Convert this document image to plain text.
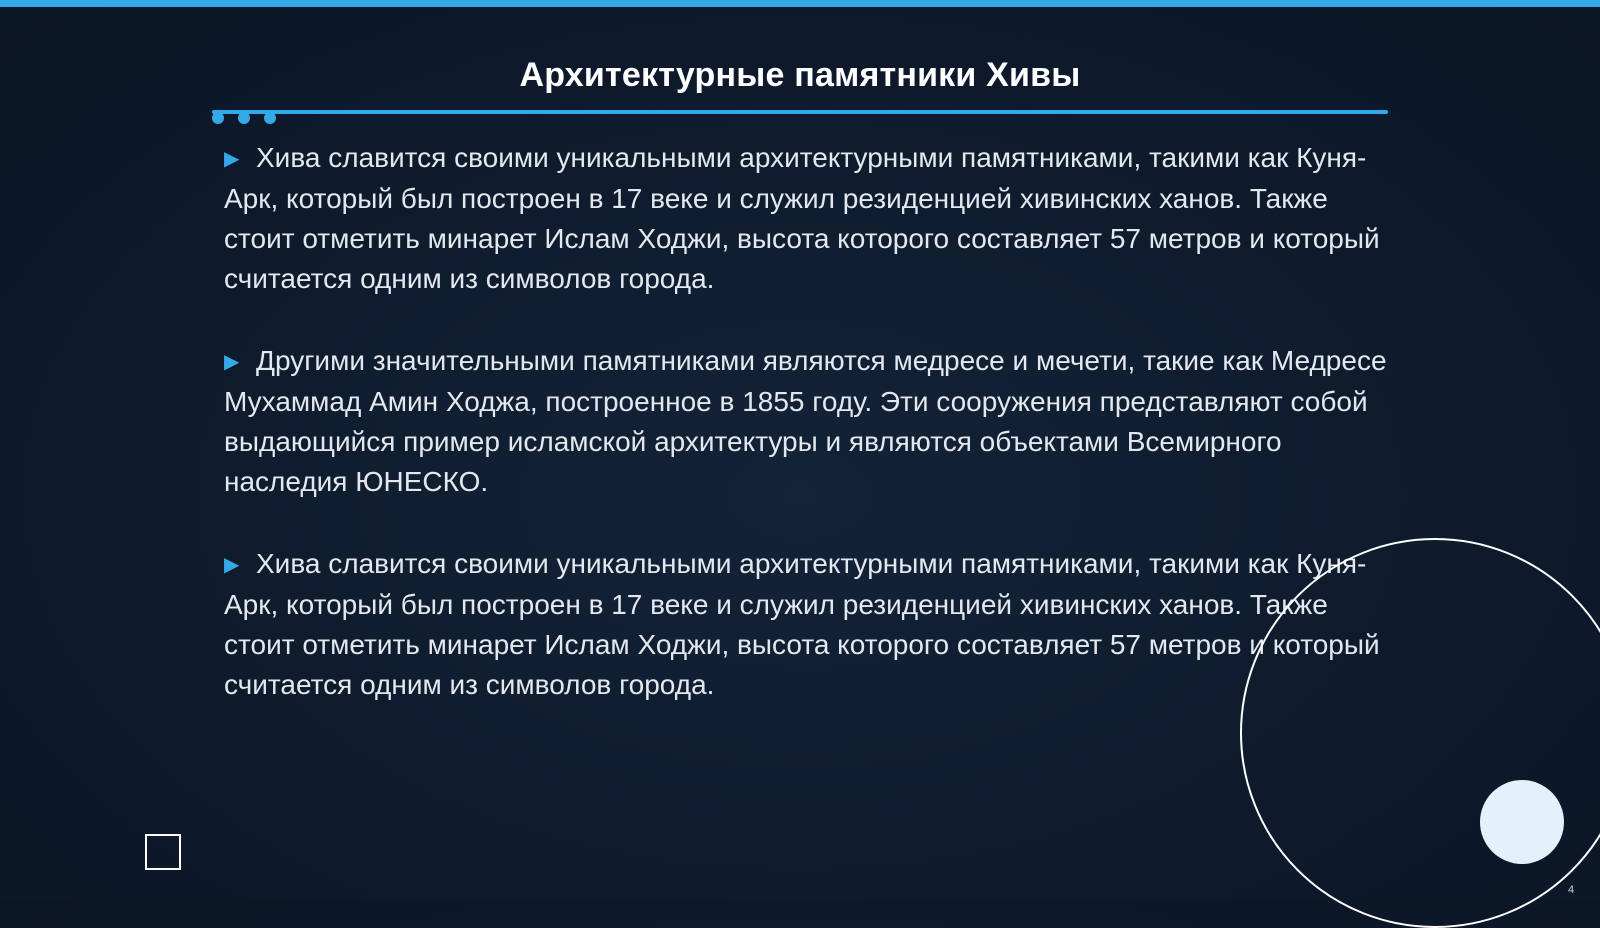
Архитектурные памятники Хивы

▶ Хива славится своими уникальными архитектурными памятниками, такими как Куня-Арк, который был построен в 17 веке и служил резиденцией хивинских ханов. Также стоит отметить минарет Ислам Ходжи, высота которого составляет 57 метров и который считается одним из символов города.

▶ Другими значительными памятниками являются медресе и мечети, такие как Медресе Мухаммад Амин Ходжа, построенное в 1855 году. Эти сооружения представляют собой выдающийся пример исламской архитектуры и являются объектами Всемирного наследия ЮНЕСКО.

▶ Хива славится своими уникальными архитектурными памятниками, такими как Куня-Арк, который был построен в 17 веке и служил резиденцией хивинских ханов. Также стоит отметить минарет Ислам Ходжи, высота которого составляет 57 метров и который считается одним из символов города.

4
